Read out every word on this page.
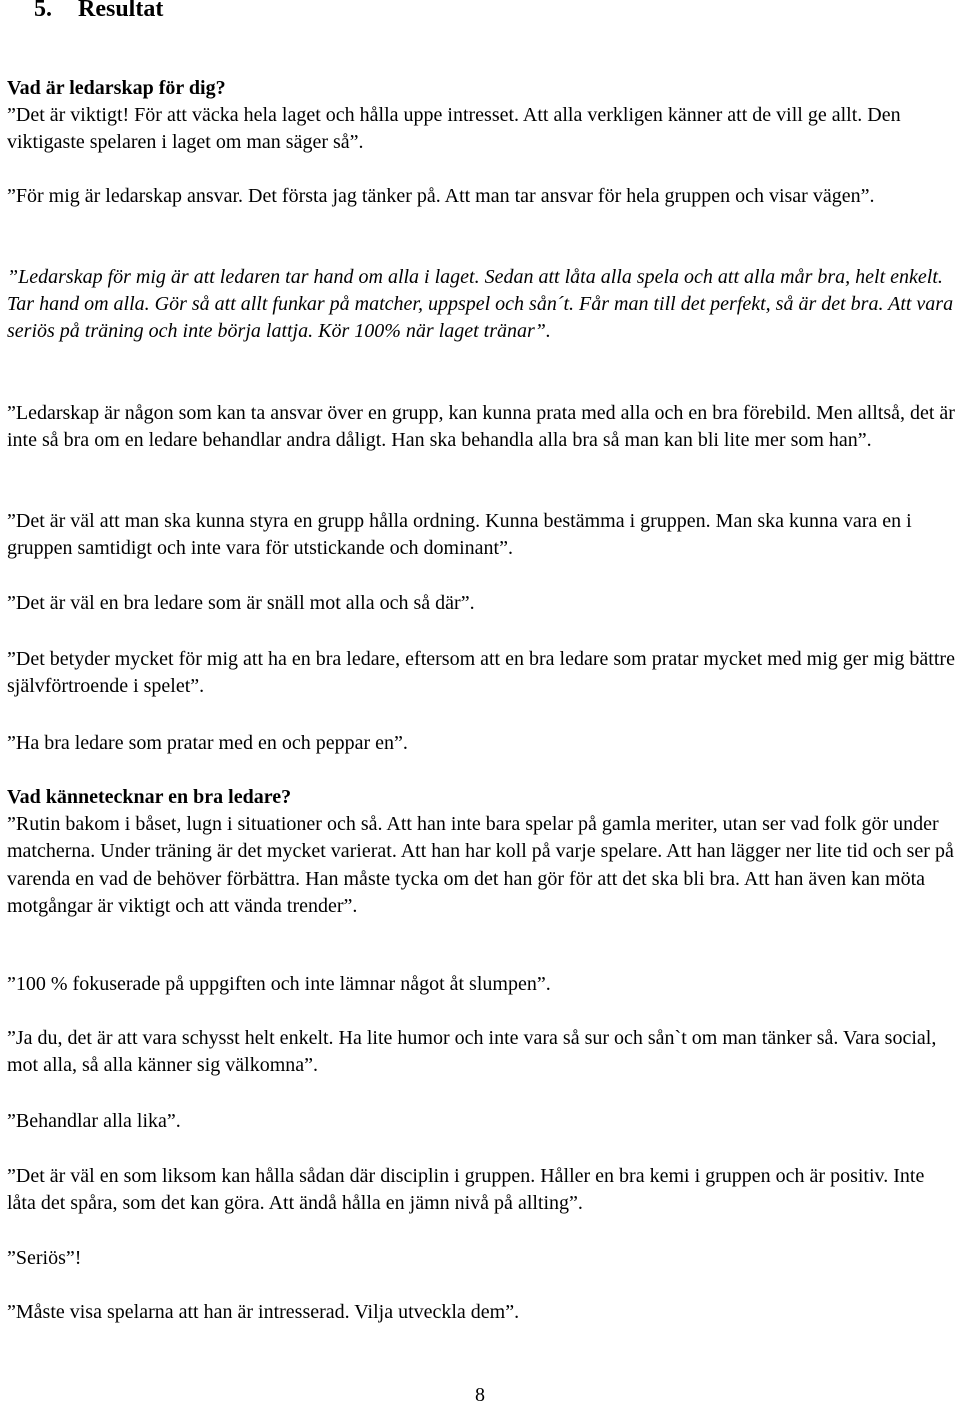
5. Resultat
Vad är ledarskap för dig?
”Det är viktigt! För att väcka hela laget och hålla uppe intresset. Att alla verkligen känner att de vill ge allt. Den viktigaste spelaren i laget om man säger så”.

”För mig är ledarskap ansvar. Det första jag tänker på. Att man tar ansvar för hela gruppen och visar vägen”.

”Ledarskap för mig är att ledaren tar hand om alla i laget. Sedan att låta alla spela och att alla mår bra, helt enkelt. Tar hand om alla. Gör så att allt funkar på matcher, uppspel och sån´t. Får man till det perfekt, så är det bra. Att vara seriös på träning och inte börja lattja. Kör 100% när laget tränar”.

”Ledarskap är någon som kan ta ansvar över en grupp, kan kunna prata med alla och en bra förebild. Men alltså, det är inte så bra om en ledare behandlar andra dåligt. Han ska behandla alla bra så man kan bli lite mer som han”.

”Det är väl att man ska kunna styra en grupp hålla ordning. Kunna bestämma i gruppen. Man ska kunna vara en i gruppen samtidigt och inte vara för utstickande och dominant”.

”Det är väl en bra ledare som är snäll mot alla och så där”.

”Det betyder mycket för mig att ha en bra ledare, eftersom att en bra ledare som pratar mycket med mig ger mig bättre självförtroende i spelet”.

”Ha bra ledare som pratar med en och peppar en”.

Vad kännetecknar en bra ledare?
”Rutin bakom i båset, lugn i situationer och så. Att han inte bara spelar på gamla meriter, utan ser vad folk gör under matcherna. Under träning är det mycket varierat. Att han har koll på varje spelare. Att han lägger ner lite tid och ser på varenda en vad de behöver förbättra. Han måste tycka om det han gör för att det ska bli bra. Att han även kan möta motgångar är viktigt och att vända trender”.

”100 % fokuserade på uppgiften och inte lämnar något åt slumpen”.

”Ja du, det är att vara schysst helt enkelt. Ha lite humor och inte vara så sur och sån`t om man tänker så. Vara social, mot alla, så alla känner sig välkomna”.

”Behandlar alla lika”.

”Det är väl en som liksom kan hålla sådan där disciplin i gruppen. Håller en bra kemi i gruppen och är positiv. Inte låta det spåra, som det kan göra. Att ändå hålla en jämn nivå på allting”.

”Seriös”!

”Måste visa spelarna att han är intresserad. Vilja utveckla dem”.

8
